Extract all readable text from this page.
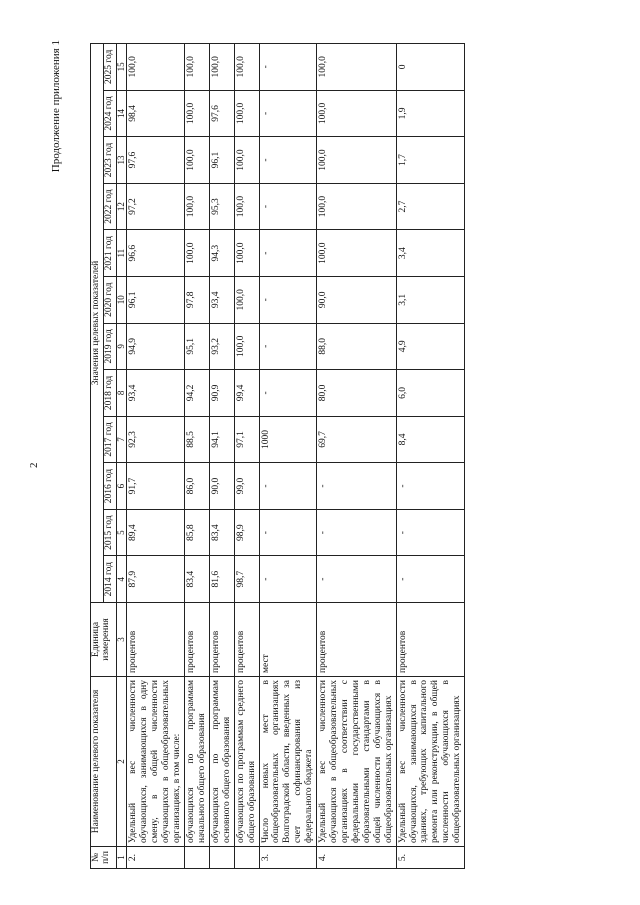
2
Продолжение приложения 1
№ п/п	Наименование целевого показателя	Единица измерения	Значения целевых показателей											
			2014 год	2015 год	2016 год	2017 год	2018 год	2019 год	2020 год	2021 год	2022 год	2023 год	2024 год	2025 год
1	2	3	4	5	6	7	8	9	10	11	12	13	14	15
2.	Удельный вес численности обучающихся, занимающихся в одну смену, в общей численности обучающихся в общеобразовательных организациях, в том числе:	процентов	87,9	89,4	91,7	92,3	93,4	94,9	96,1	96,6	97,2	97,6	98,4	100,0
	обучающихся по программам начального общего образования	процентов	83,4	85,8	86,0	88,5	94,2	95,1	97,8	100,0	100,0	100,0	100,0	100,0
	обучающихся по программам основного общего образования	процентов	81,6	83,4	90,0	94,1	90,9	93,2	93,4	94,3	95,3	96,1	97,6	100,0
	обучающихся по программам среднего общего образования	процентов	98,7	98,9	99,0	97,1	99,4	100,0	100,0	100,0	100,0	100,0	100,0	100,0
3.	Число новых мест в общеобразовательных организациях Волгоградской области, введенных за счет софинансирования из федерального бюджета	мест	-	-	-	1000	-	-	-	-	-	-	-	-
4.	Удельный вес численности обучающихся в общеобразовательных организациях в соответствии с федеральными государственными образовательными стандартами в общей численности обучающихся в общеобразовательных организациях	процентов	-	-	-	69,7	80,0	88,0	90,0	100,0	100,0	100,0	100,0	100,0
5.	Удельный вес численности обучающихся, занимающихся в зданиях, требующих капитального ремонта или реконструкции, в общей численности обучающихся в общеобразовательных организациях	процентов	-	-	-	8,4	6,0	4,9	3,1	3,4	2,7	1,7	1,9	0
